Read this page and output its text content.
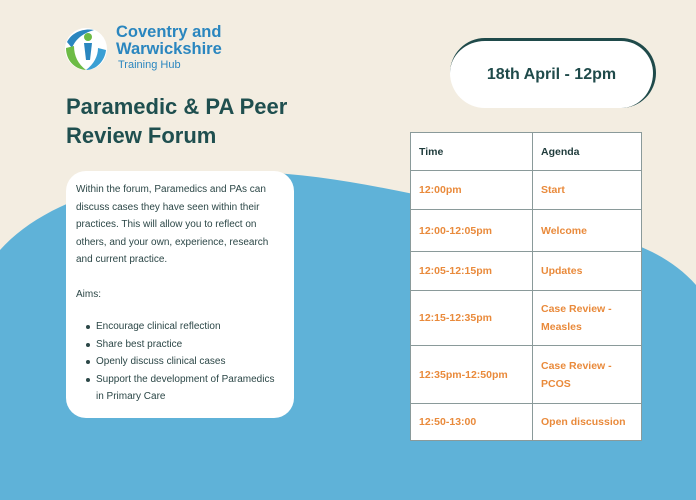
Coventry and
Warwickshire
Training Hub
Paramedic & PA Peer Review Forum
18th April - 12pm

Within the forum, Paramedics and PAs can discuss cases they have seen within their practices. This will allow you to reflect on others, and your own, experience, research and current practice.

Aims:

Encourage clinical reflection
Share best practice
Openly discuss clinical cases
Support the development of Paramedics in Primary Care
Time	Agenda
12:00pm	Start
12:00-12:05pm	Welcome
12:05-12:15pm	Updates
12:15-12:35pm	Case Review - Measles
12:35pm-12:50pm	Case Review - PCOS
12:50-13:00	Open discussion
